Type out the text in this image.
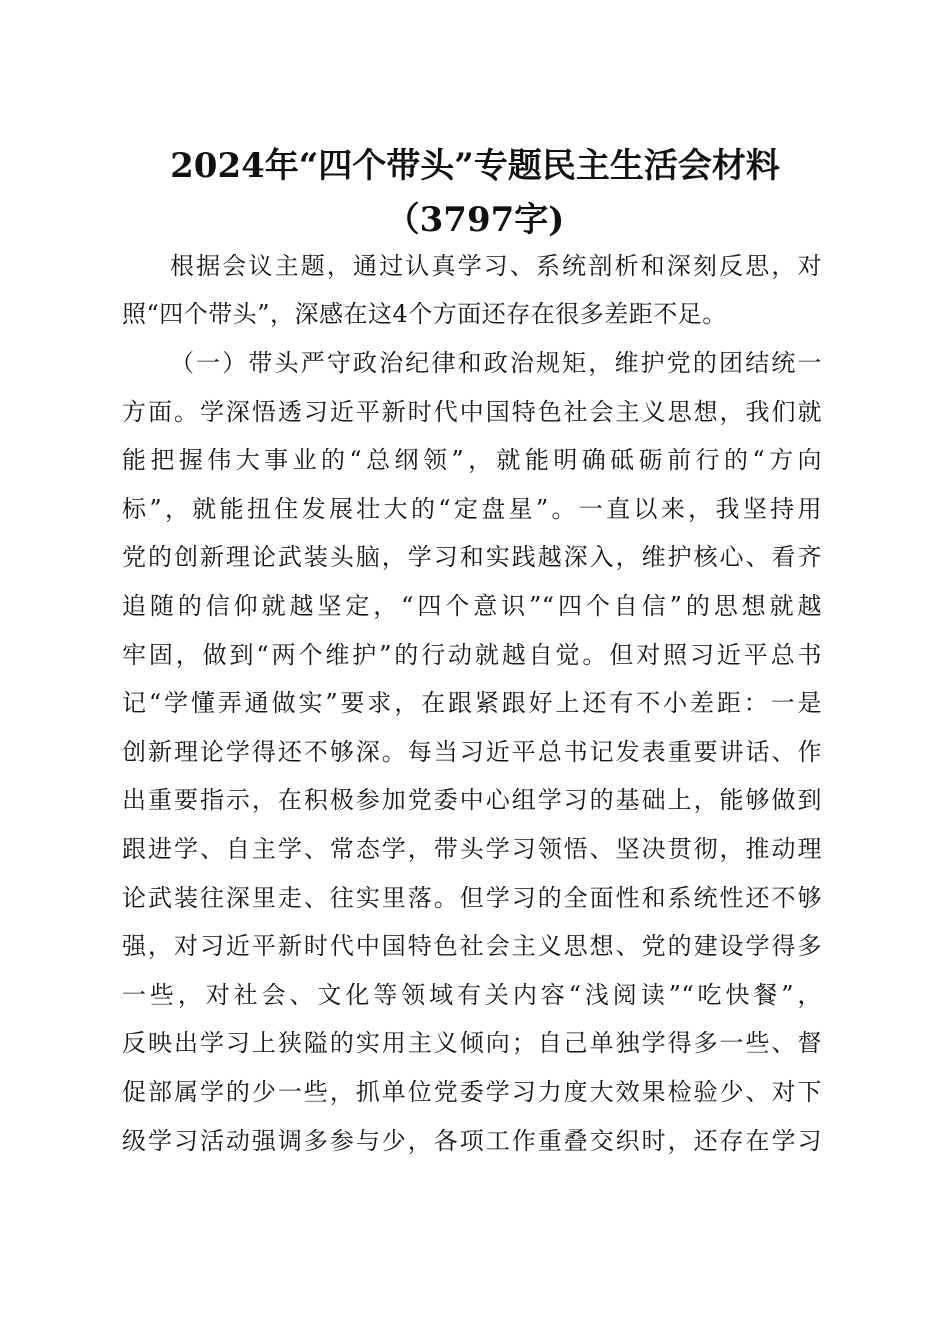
2024年“四个带头”专题民主生活会材料
（3797字)
根据会议主题，通过认真学习、系统剖析和深刻反思，对
照“四个带头”，深感在这4个方面还存在很多差距不足。
（一）带头严守政治纪律和政治规矩，维护党的团结统一
方面。学深悟透习近平新时代中国特色社会主义思想，我们就
能把握伟大事业的“总纲领”，就能明确砥砺前行的“方向
标”，就能扭住发展壮大的“定盘星”。一直以来，我坚持用
党的创新理论武装头脑，学习和实践越深入，维护核心、看齐
追随的信仰就越坚定，“四个意识”“四个自信”的思想就越
牢固，做到“两个维护”的行动就越自觉。但对照习近平总书
记“学懂弄通做实”要求，在跟紧跟好上还有不小差距：一是
创新理论学得还不够深。每当习近平总书记发表重要讲话、作
出重要指示，在积极参加党委中心组学习的基础上，能够做到
跟进学、自主学、常态学，带头学习领悟、坚决贯彻，推动理
论武装往深里走、往实里落。但学习的全面性和系统性还不够
强，对习近平新时代中国特色社会主义思想、党的建设学得多
一些，对社会、文化等领域有关内容“浅阅读”“吃快餐”，
反映出学习上狭隘的实用主义倾向；自己单独学得多一些、督
促部属学的少一些，抓单位党委学习力度大效果检验少、对下
级学习活动强调多参与少，各项工作重叠交织时，还存在学习
